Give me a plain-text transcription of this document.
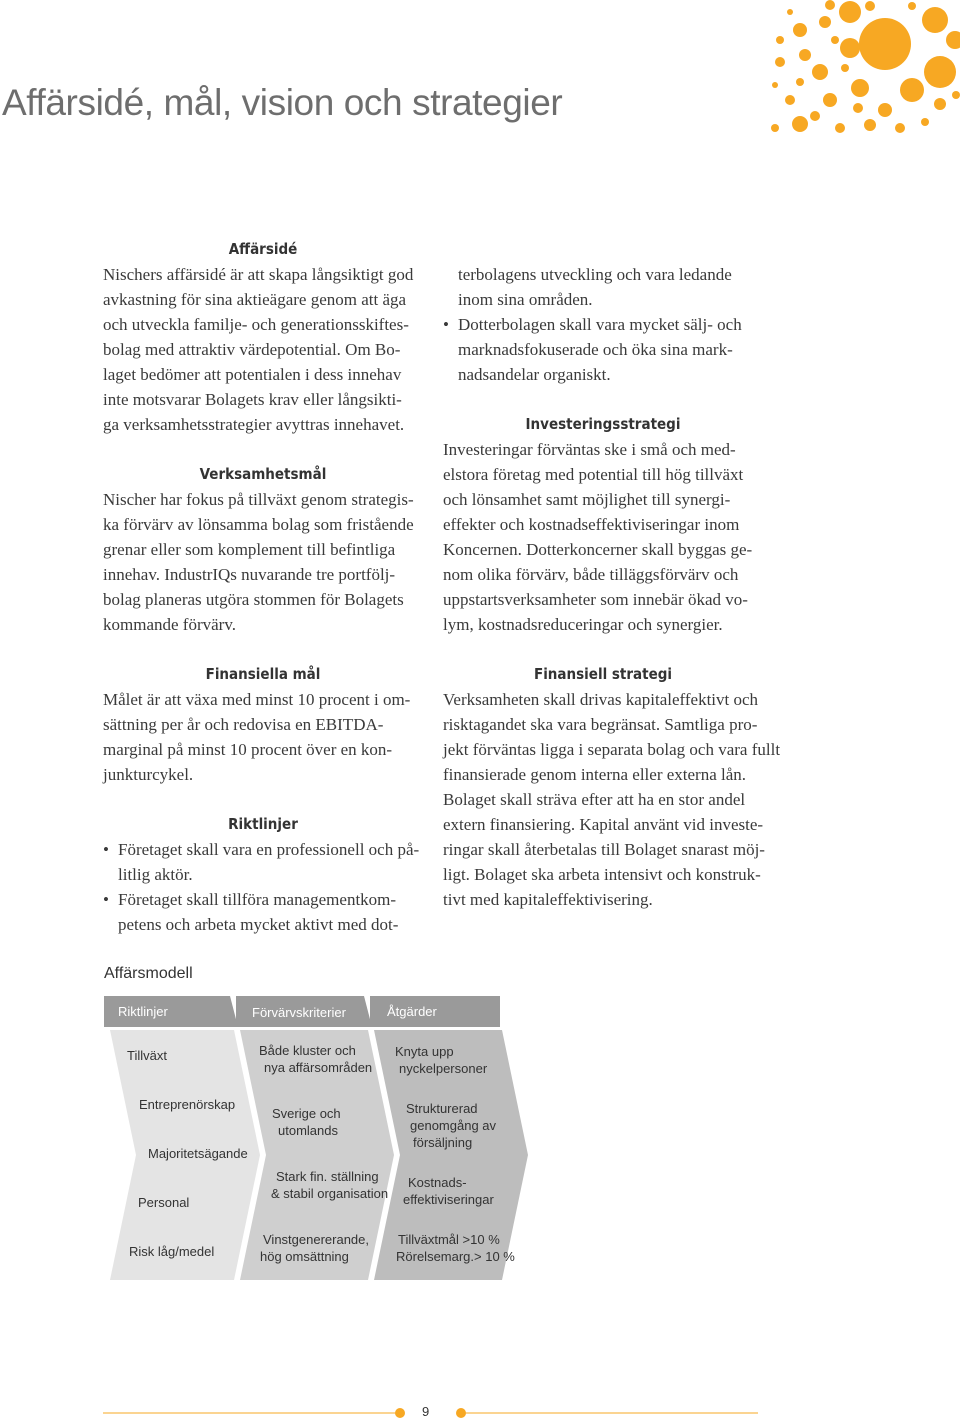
Affärsidé, mål, vision och strategier
Affärsidé
Nischers affärsidé är att skapa långsiktigt god
avkastning för sina aktieägare genom att äga
och utveckla familje- och generationsskiftes-
bolag med attraktiv värdepotential. Om Bo-
laget bedömer att potentialen i dess innehav
inte motsvarar Bolagets krav eller långsikti-
ga verksamhetsstrategier avyttras innehavet.
Verksamhetsmål
Nischer har fokus på tillväxt genom strategis-
ka förvärv av lönsamma bolag som fristående
grenar eller som komplement till befintliga
innehav. IndustrIQs nuvarande tre portfölj-
bolag planeras utgöra stommen för Bolagets
kommande förvärv.
Finansiella mål
Målet är att växa med minst 10 procent i om-
sättning per år och redovisa en EBITDA-
marginal på minst 10 procent över en kon-
junkturcykel.
Riktlinjer
• Företaget skall vara en professionell och på-
litlig aktör.
• Företaget skall tillföra managementkom-
petens och arbeta mycket aktivt med dot-
terbolagens utveckling och vara ledande
inom sina områden.
• Dotterbolagen skall vara mycket sälj- och
marknadsfokuserade och öka sina mark-
nadsandelar organiskt.
Investeringsstrategi
Investeringar förväntas ske i små och med-
elstora företag med potential till hög tillväxt
och lönsamhet samt möjlighet till synergi-
effekter och kostnadseffektiviseringar inom
Koncernen. Dotterkoncerner skall byggas ge-
nom olika förvärv, både tilläggsförvärv och
uppstartsverksamheter som innebär ökad vo-
lym, kostnadsreduceringar och synergier.
Finansiell strategi
Verksamheten skall drivas kapitaleffektivt och
risktagandet ska vara begränsat. Samtliga pro-
jekt förväntas ligga i separata bolag och vara fullt
finansierade genom interna eller externa lån.
Bolaget skall sträva efter att ha en stor andel
extern finansiering. Kapital använt vid investe-
ringar skall återbetalas till Bolaget snarast möj-
ligt. Bolaget ska arbeta intensivt och konstruk-
tivt med kapitaleffektivisering.
Affärsmodell
Riktlinjer	Förvärvskriterier	Åtgärder
Tillväxt
Entreprenörskap
Majoritetsägande
Personal
Risk låg/medel
Både kluster och
nya affärsområden
Sverige och
utomlands
Stark fin. ställning
& stabil organisation
Vinstgenererande,
hög omsättning
Knyta upp
nyckelpersoner
Strukturerad
genomgång av
försäljning
Kostnads-
effektiviseringar
Tillväxtmål >10 %
Rörelsemarg.> 10 %
9
